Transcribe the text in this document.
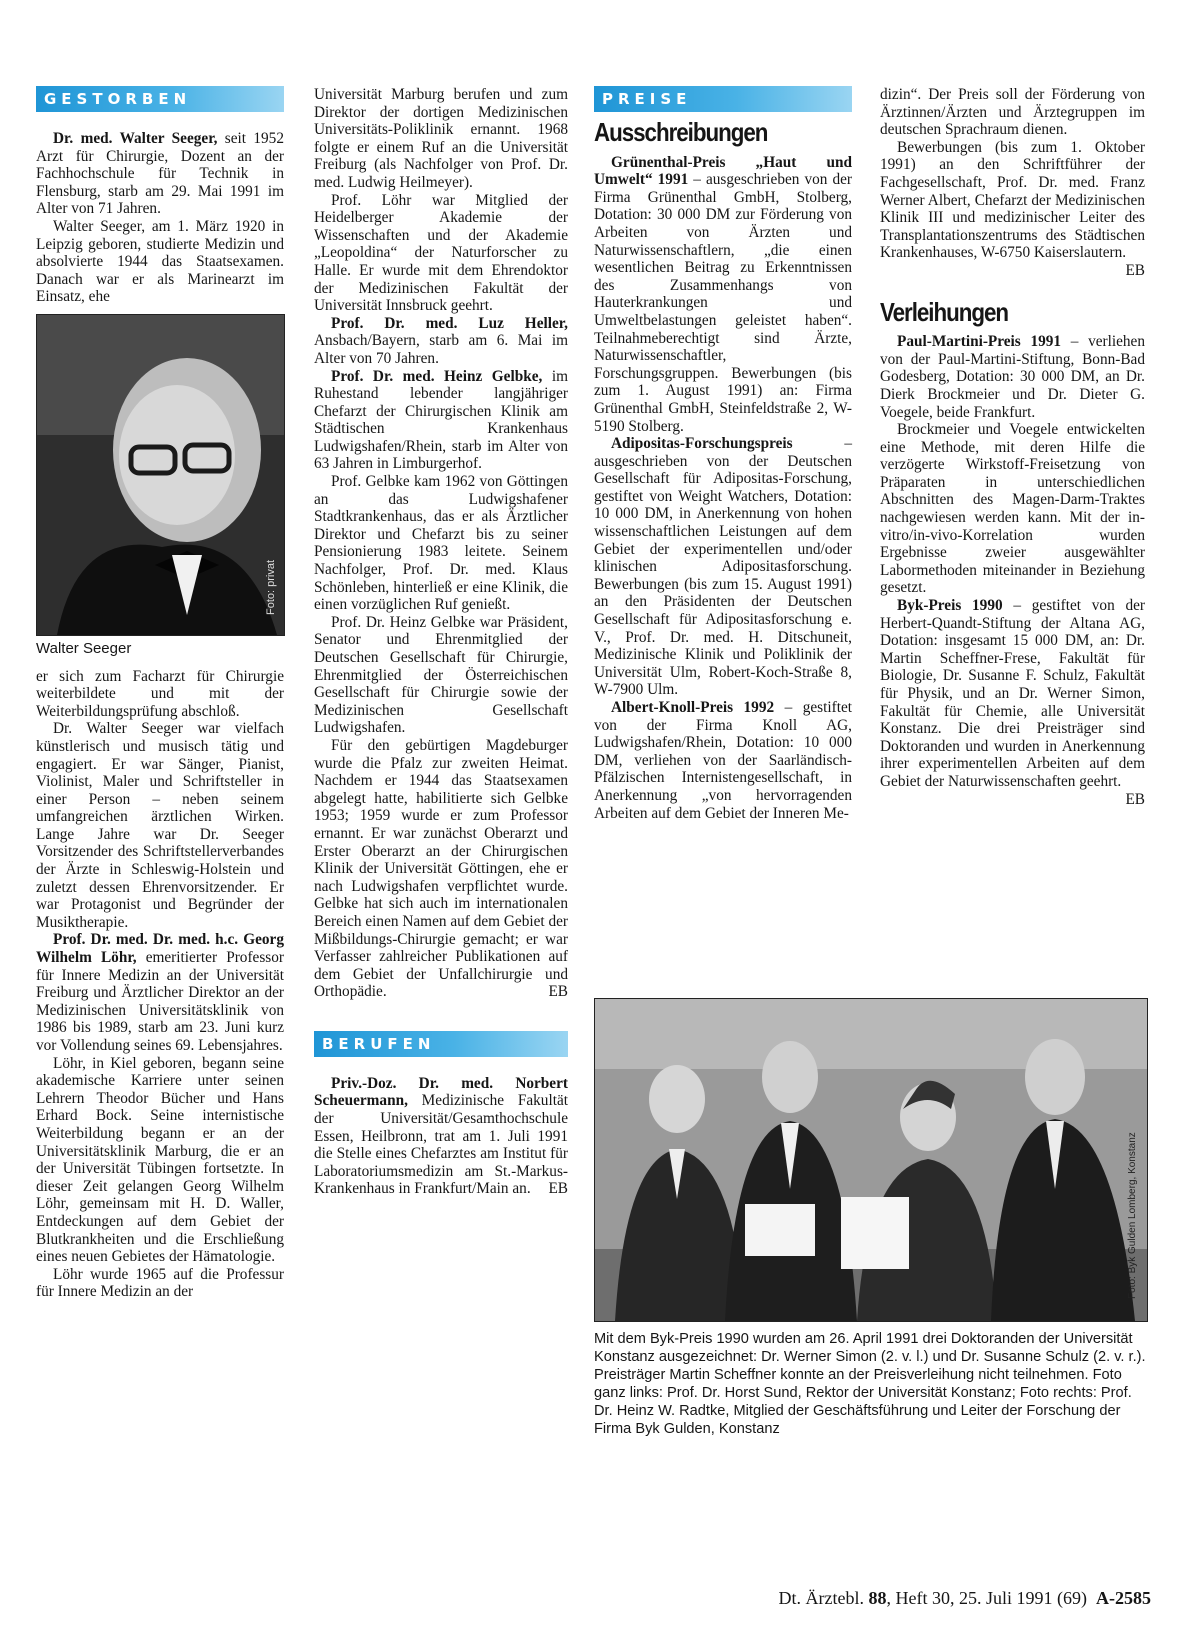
GESTORBEN

Dr. med. Walter Seeger, seit 1952 Arzt für Chirurgie, Dozent an der Fachhochschule für Technik in Flensburg, starb am 29. Mai 1991 im Alter von 71 Jahren.

Walter Seeger, am 1. März 1920 in Leipzig geboren, studierte Medizin und absolvierte 1944 das Staatsexamen. Danach war er als Marinearzt im Einsatz, ehe

Foto: privat
Walter Seeger

er sich zum Facharzt für Chirurgie weiterbildete und mit der Weiterbildungsprüfung abschloß.

Dr. Walter Seeger war vielfach künstlerisch und musisch tätig und engagiert. Er war Sänger, Pianist, Violinist, Maler und Schriftsteller in einer Person – neben seinem umfangreichen ärztlichen Wirken. Lange Jahre war Dr. Seeger Vorsitzender des Schriftstellerverbandes der Ärzte in Schleswig-Holstein und zuletzt dessen Ehrenvorsitzender. Er war Protagonist und Begründer der Musiktherapie.

Prof. Dr. med. Dr. med. h.c. Georg Wilhelm Löhr, emeritierter Professor für Innere Medizin an der Universität Freiburg und Ärztlicher Direktor an der Medizinischen Universitätsklinik von 1986 bis 1989, starb am 23. Juni kurz vor Vollendung seines 69. Lebensjahres.

Löhr, in Kiel geboren, begann seine akademische Karriere unter seinen Lehrern Theodor Bücher und Hans Erhard Bock. Seine internistische Weiterbildung begann er an der Universitätsklinik Marburg, die er an der Universität Tübingen fortsetzte. In dieser Zeit gelangen Georg Wilhelm Löhr, gemeinsam mit H. D. Waller, Entdeckungen auf dem Gebiet der Blutkrankheiten und die Erschließung eines neuen Gebietes der Hämatologie.

Löhr wurde 1965 auf die Professur für Innere Medizin an der

Universität Marburg berufen und zum Direktor der dortigen Medizinischen Universitäts-Poliklinik ernannt. 1968 folgte er einem Ruf an die Universität Freiburg (als Nachfolger von Prof. Dr. med. Ludwig Heilmeyer).

Prof. Löhr war Mitglied der Heidelberger Akademie der Wissenschaften und der Akademie „Leopoldina“ der Naturforscher zu Halle. Er wurde mit dem Ehrendoktor der Medizinischen Fakultät der Universität Innsbruck geehrt.

Prof. Dr. med. Luz Heller, Ansbach/Bayern, starb am 6. Mai im Alter von 70 Jahren.

Prof. Dr. med. Heinz Gelbke, im Ruhestand lebender langjähriger Chefarzt der Chirurgischen Klinik am Städtischen Krankenhaus Ludwigshafen/Rhein, starb im Alter von 63 Jahren in Limburgerhof.

Prof. Gelbke kam 1962 von Göttingen an das Ludwigshafener Stadtkrankenhaus, das er als Ärztlicher Direktor und Chefarzt bis zu seiner Pensionierung 1983 leitete. Seinem Nachfolger, Prof. Dr. med. Klaus Schönleben, hinterließ er eine Klinik, die einen vorzüglichen Ruf genießt.

Prof. Dr. Heinz Gelbke war Präsident, Senator und Ehrenmitglied der Deutschen Gesellschaft für Chirurgie, Ehrenmitglied der Österreichischen Gesellschaft für Chirurgie sowie der Medizinischen Gesellschaft Ludwigshafen.

Für den gebürtigen Magdeburger wurde die Pfalz zur zweiten Heimat. Nachdem er 1944 das Staatsexamen abgelegt hatte, habilitierte sich Gelbke 1953; 1959 wurde er zum Professor ernannt. Er war zunächst Oberarzt und Erster Oberarzt an der Chirurgischen Klinik der Universität Göttingen, ehe er nach Ludwigshafen verpflichtet wurde. Gelbke hat sich auch im internationalen Bereich einen Namen auf dem Gebiet der Mißbildungs-Chirurgie gemacht; er war Verfasser zahlreicher Publikationen auf dem Gebiet der Unfallchirurgie und Orthopädie.	EB

BERUFEN

Priv.-Doz. Dr. med. Norbert Scheuermann, Medizinische Fakultät der Universität/Gesamthochschule Essen, Heilbronn, trat am 1. Juli 1991 die Stelle eines Chefarztes am Institut für Laboratoriumsmedizin am St.-Markus-Krankenhaus in Frankfurt/Main an.	EB

PREISE
Ausschreibungen

Grünenthal-Preis „Haut und Umwelt“ 1991 – ausgeschrieben von der Firma Grünenthal GmbH, Stolberg, Dotation: 30 000 DM zur Förderung von Arbeiten von Ärzten und Naturwissenschaftlern, „die einen wesentlichen Beitrag zu Erkenntnissen des Zusammenhangs von Hauterkrankungen und Umweltbelastungen geleistet haben“. Teilnahmeberechtigt sind Ärzte, Naturwissenschaftler, Forschungsgruppen. Bewerbungen (bis zum 1. August 1991) an: Firma Grünenthal GmbH, Steinfeldstraße 2, W-5190 Stolberg.

Adipositas-Forschungspreis – ausgeschrieben von der Deutschen Gesellschaft für Adipositas-Forschung, gestiftet von Weight Watchers, Dotation: 10 000 DM, in Anerkennung von hohen wissenschaftlichen Leistungen auf dem Gebiet der experimentellen und/oder klinischen Adipositasforschung. Bewerbungen (bis zum 15. August 1991) an den Präsidenten der Deutschen Gesellschaft für Adipositasforschung e. V., Prof. Dr. med. H. Ditschuneit, Medizinische Klinik und Poliklinik der Universität Ulm, Robert-Koch-Straße 8, W-7900 Ulm.

Albert-Knoll-Preis 1992 – gestiftet von der Firma Knoll AG, Ludwigshafen/Rhein, Dotation: 10 000 DM, verliehen von der Saarländisch-Pfälzischen Internistengesellschaft, in Anerkennung „von hervorragenden Arbeiten auf dem Gebiet der Inneren Me-

dizin“. Der Preis soll der Förderung von Ärztinnen/Ärzten und Ärztegruppen im deutschen Sprachraum dienen.

Bewerbungen (bis zum 1. Oktober 1991) an den Schriftführer der Fachgesellschaft, Prof. Dr. med. Franz Werner Albert, Chefarzt der Medizinischen Klinik III und medizinischer Leiter des Transplantationszentrums des Städtischen Krankenhauses, W-6750 Kaiserslautern.
EB

Verleihungen

Paul-Martini-Preis 1991 – verliehen von der Paul-Martini-Stiftung, Bonn-Bad Godesberg, Dotation: 30 000 DM, an Dr. Dierk Brockmeier und Dr. Dieter G. Voegele, beide Frankfurt.

Brockmeier und Voegele entwickelten eine Methode, mit deren Hilfe die verzögerte Wirkstoff-Freisetzung von Präparaten in unterschiedlichen Abschnitten des Magen-Darm-Traktes nachgewiesen werden kann. Mit der in-vitro/in-vivo-Korrelation wurden Ergebnisse zweier ausgewählter Labormethoden miteinander in Beziehung gesetzt.

Byk-Preis 1990 – gestiftet von der Herbert-Quandt-Stiftung der Altana AG, Dotation: insgesamt 15 000 DM, an: Dr. Martin Scheffner-Frese, Fakultät für Biologie, Dr. Susanne F. Schulz, Fakultät für Physik, und an Dr. Werner Simon, Fakultät für Chemie, alle Universität Konstanz. Die drei Preisträger sind Doktoranden und wurden in Anerkennung ihrer experimentellen Arbeiten auf dem Gebiet der Naturwissenschaften geehrt.
EB

Foto: Byk Gulden Lomberg, Konstanz
Mit dem Byk-Preis 1990 wurden am 26. April 1991 drei Doktoranden der Universität Konstanz ausgezeichnet: Dr. Werner Simon (2. v. l.) und Dr. Susanne Schulz (2. v. r.). Preisträger Martin Scheffner konnte an der Preisverleihung nicht teilnehmen. Foto ganz links: Prof. Dr. Horst Sund, Rektor der Universität Konstanz; Foto rechts: Prof. Dr. Heinz W. Radtke, Mitglied der Geschäftsführung und Leiter der Forschung der Firma Byk Gulden, Konstanz
Dt. Ärztebl. 88, Heft 30, 25. Juli 1991 (69) A-2585
